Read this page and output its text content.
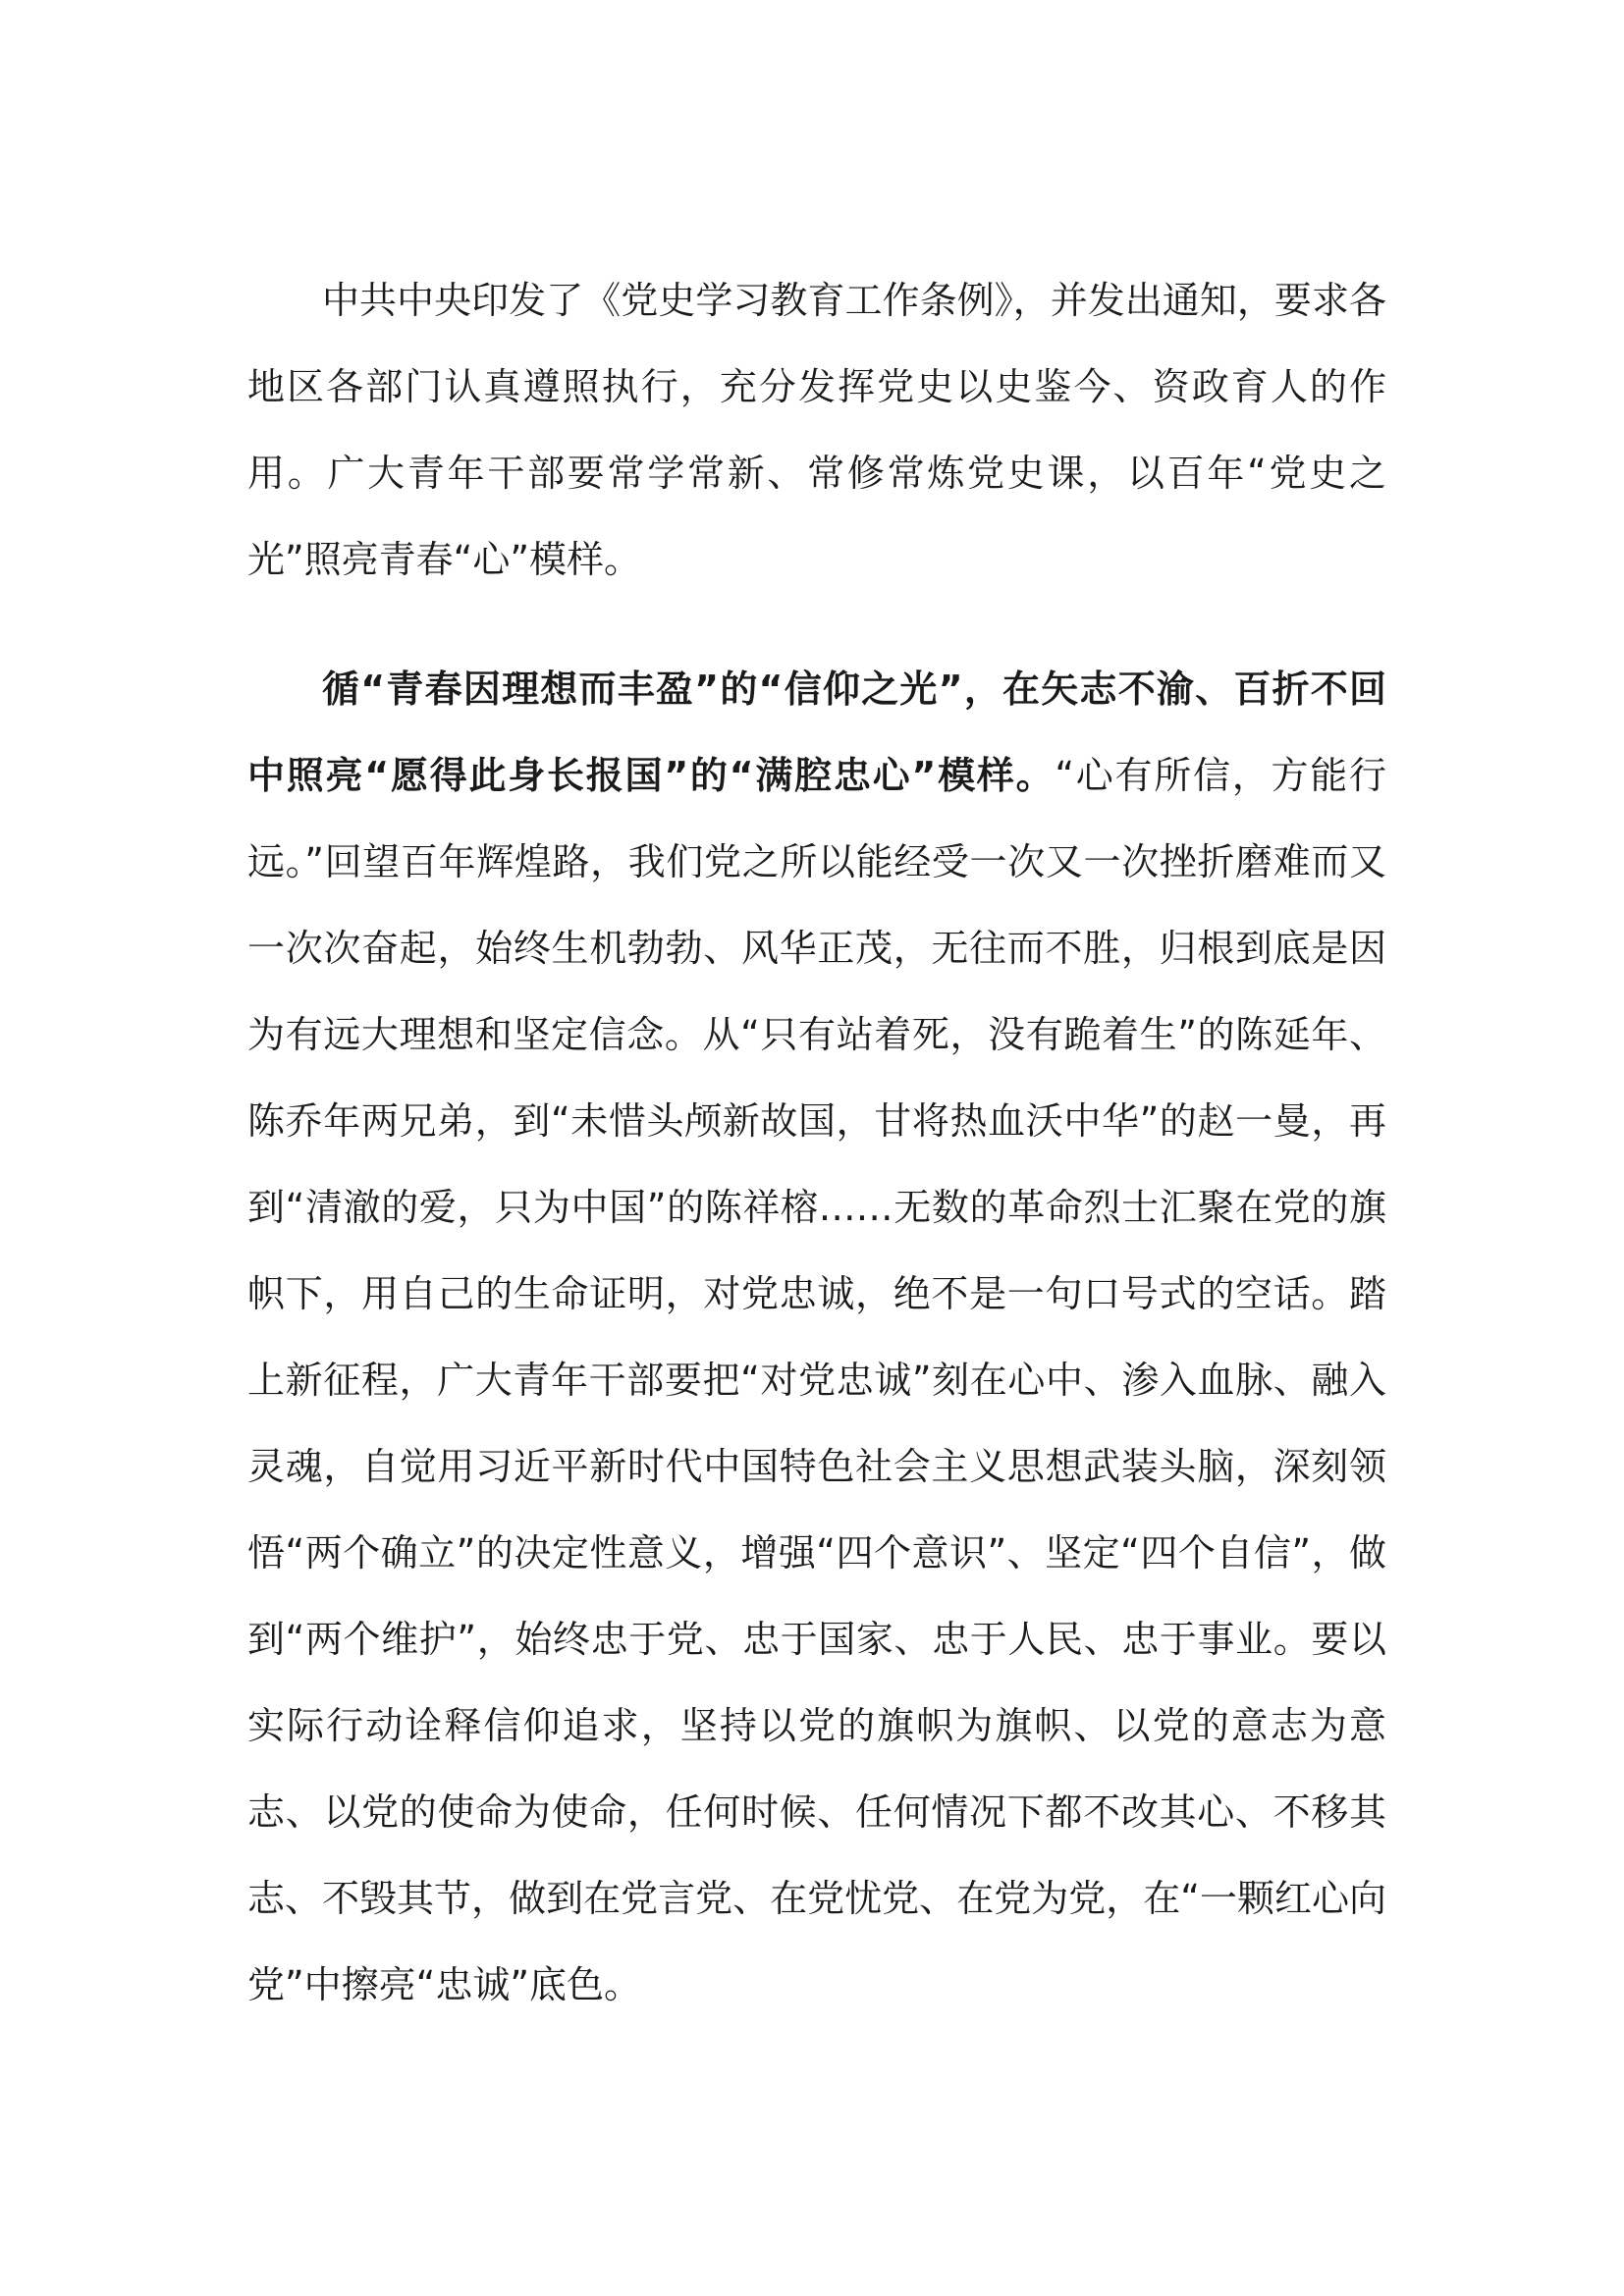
中共中央印发了《党史学习教育工作条例》，并发出通知，要求各地区各部门认真遵照执行，充分发挥党史以史鉴今、资政育人的作用。广大青年干部要常学常新、常修常炼党史课，以百年“党史之光”照亮青春“心”模样。

循“青春因理想而丰盈”的“信仰之光”，在矢志不渝、百折不回中照亮“愿得此身长报国”的“满腔忠心”模样。“心有所信，方能行远。”回望百年辉煌路，我们党之所以能经受一次又一次挫折磨难而又一次次奋起，始终生机勃勃、风华正茂，无往而不胜，归根到底是因为有远大理想和坚定信念。从“只有站着死，没有跪着生”的陈延年、陈乔年两兄弟，到“未惜头颅新故国，甘将热血沃中华”的赵一曼，再到“清澈的爱，只为中国”的陈祥榕……无数的革命烈士汇聚在党的旗帜下，用自己的生命证明，对党忠诚，绝不是一句口号式的空话。踏上新征程，广大青年干部要把“对党忠诚”刻在心中、渗入血脉、融入灵魂，自觉用习近平新时代中国特色社会主义思想武装头脑，深刻领悟“两个确立”的决定性意义，增强“四个意识”、坚定“四个自信”，做到“两个维护”，始终忠于党、忠于国家、忠于人民、忠于事业。要以实际行动诠释信仰追求，坚持以党的旗帜为旗帜、以党的意志为意志、以党的使命为使命，任何时候、任何情况下都不改其心、不移其志、不毁其节，做到在党言党、在党忧党、在党为党，在“一颗红心向党”中擦亮“忠诚”底色。
